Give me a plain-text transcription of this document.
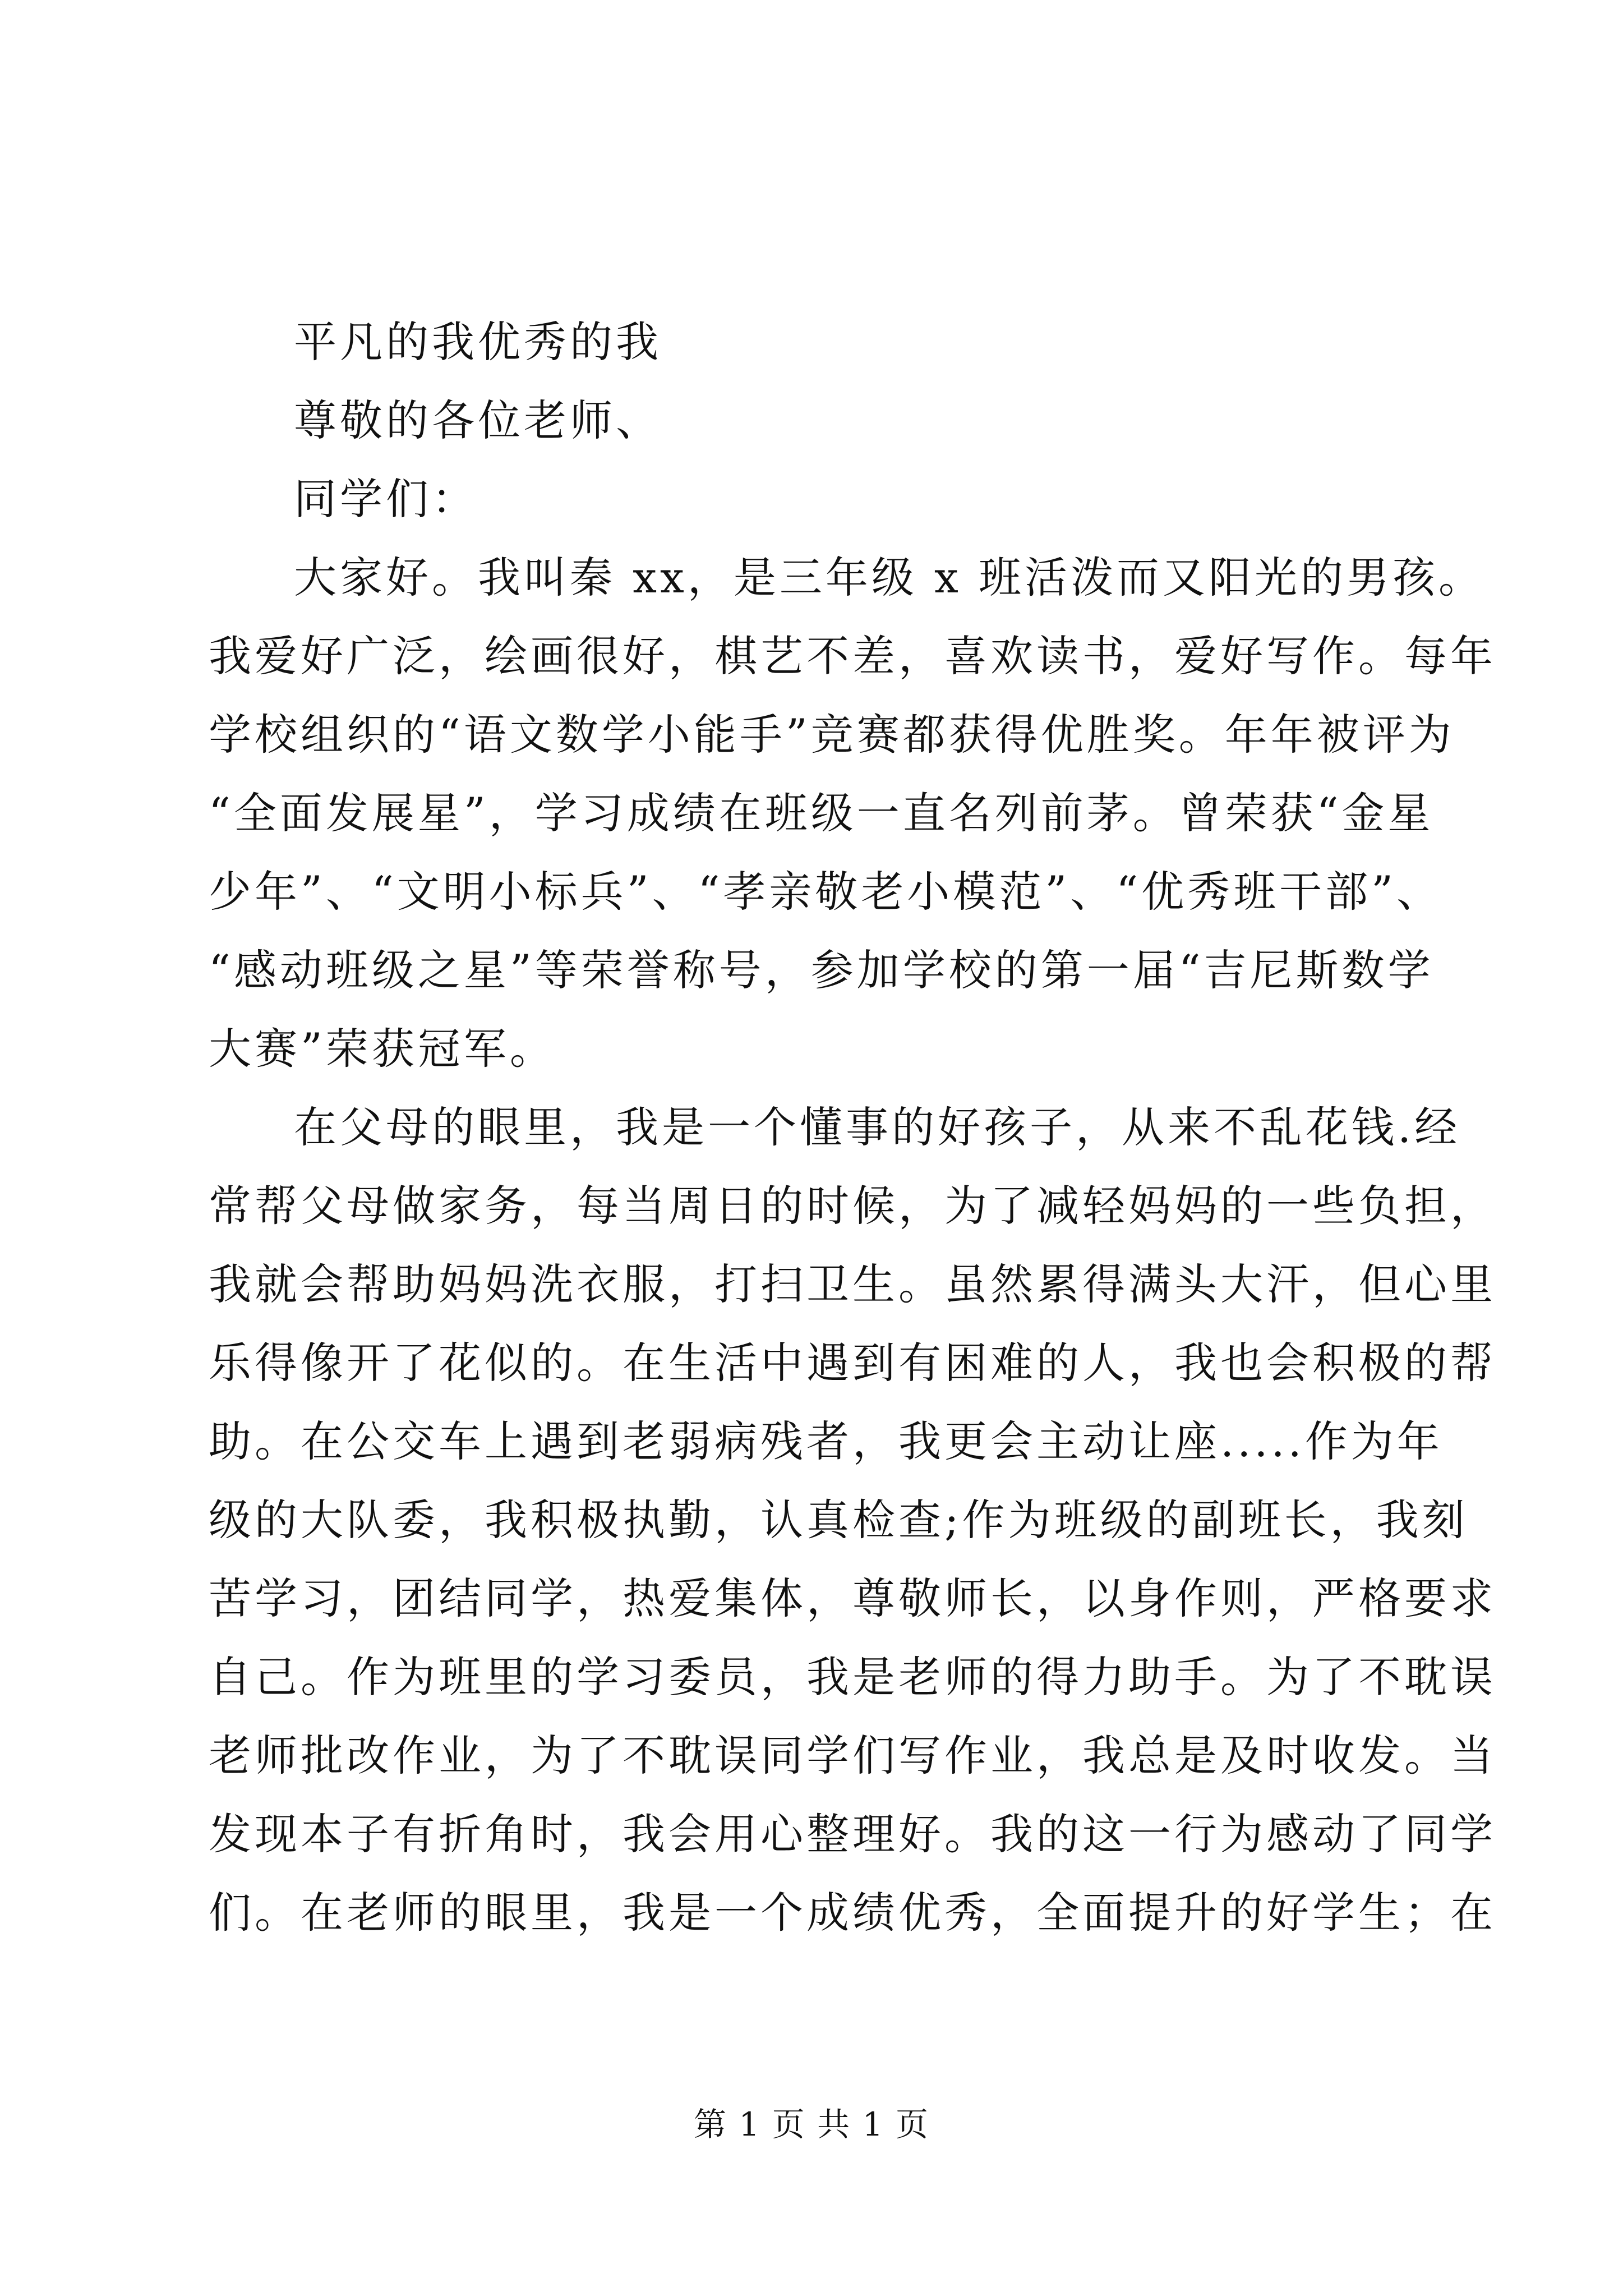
平凡的我优秀的我
尊敬的各位老师、
同学们：
大家好。我叫秦 xx，是三年级 x 班活泼而又阳光的男孩。
我爱好广泛，绘画很好，棋艺不差，喜欢读书，爱好写作。每年
学校组织的“语文数学小能手”竞赛都获得优胜奖。年年被评为
“全面发展星”，学习成绩在班级一直名列前茅。曾荣获“金星
少年”、“文明小标兵”、“孝亲敬老小模范”、“优秀班干部”、
“感动班级之星”等荣誉称号，参加学校的第一届“吉尼斯数学
大赛”荣获冠军。
在父母的眼里，我是一个懂事的好孩子，从来不乱花钱.经
常帮父母做家务，每当周日的时候，为了减轻妈妈的一些负担，
我就会帮助妈妈洗衣服，打扫卫生。虽然累得满头大汗，但心里
乐得像开了花似的。在生活中遇到有困难的人，我也会积极的帮
助。在公交车上遇到老弱病残者，我更会主动让座.....作为年
级的大队委，我积极执勤，认真检查;作为班级的副班长，我刻
苦学习，团结同学，热爱集体，尊敬师长，以身作则，严格要求
自己。作为班里的学习委员，我是老师的得力助手。为了不耽误
老师批改作业，为了不耽误同学们写作业，我总是及时收发。当
发现本子有折角时，我会用心整理好。我的这一行为感动了同学
们。在老师的眼里，我是一个成绩优秀，全面提升的好学生；在
第 1 页 共 1 页
